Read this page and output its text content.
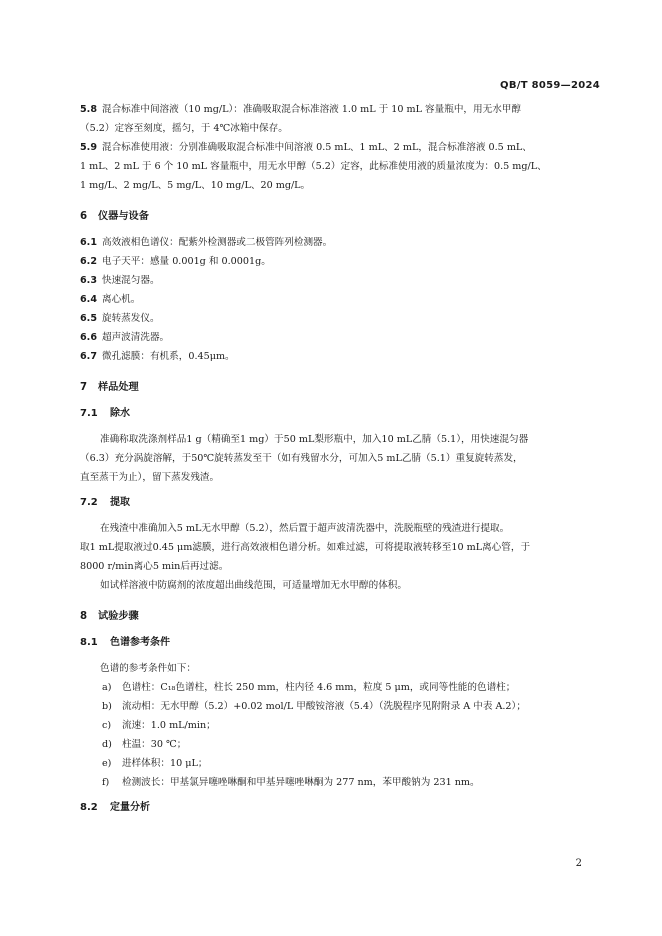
QB/T 8059—2024
5.8 混合标准中间溶液（10 mg/L）：准确吸取混合标准溶液 1.0 mL 于 10 mL 容量瓶中，用无水甲醇
（5.2）定容至刻度，摇匀，于 4℃冰箱中保存。
5.9 混合标准使用液：分别准确吸取混合标准中间溶液 0.5 mL、1 mL、2 mL，混合标准溶液 0.5 mL、
1 mL、2 mL 于 6 个 10 mL 容量瓶中，用无水甲醇（5.2）定容，此标准使用液的质量浓度为：0.5 mg/L、
1 mg/L、2 mg/L、5 mg/L、10 mg/L、20 mg/L。
6 仪器与设备
6.1 高效液相色谱仪：配紫外检测器或二极管阵列检测器。
6.2 电子天平：感量 0.001g 和 0.0001g。
6.3 快速混匀器。
6.4 离心机。
6.5 旋转蒸发仪。
6.6 超声波清洗器。
6.7 微孔滤膜：有机系，0.45μm。
7 样品处理
7.1 除水
准确称取洗涤剂样品1 g（精确至1 mg）于50 mL梨形瓶中，加入10 mL乙腈（5.1），用快速混匀器
（6.3）充分涡旋溶解，于50℃旋转蒸发至干（如有残留水分，可加入5 mL乙腈（5.1）重复旋转蒸发，
直至蒸干为止），留下蒸发残渣。
7.2 提取
在残渣中准确加入5 mL无水甲醇（5.2），然后置于超声波清洗器中，洗脱瓶壁的残渣进行提取。
取1 mL提取液过0.45 μm滤膜，进行高效液相色谱分析。如难过滤，可将提取液转移至10 mL离心管，于
8000 r/min离心5 min后再过滤。
如试样溶液中防腐剂的浓度超出曲线范围，可适量增加无水甲醇的体积。
8 试验步骤
8.1 色谱参考条件
色谱的参考条件如下：
a) 色谱柱：C₁₈色谱柱，柱长 250 mm，柱内径 4.6 mm，粒度 5 μm，或同等性能的色谱柱；
b) 流动相：无水甲醇（5.2）+0.02 mol/L 甲酸铵溶液（5.4）（洗脱程序见附附录 A 中表 A.2）；
c) 流速：1.0 mL/min；
d) 柱温：30 ℃；
e) 进样体积：10 μL；
f) 检测波长：甲基氯异噻唑啉酮和甲基异噻唑啉酮为 277 nm，苯甲酸钠为 231 nm。
8.2 定量分析
2
